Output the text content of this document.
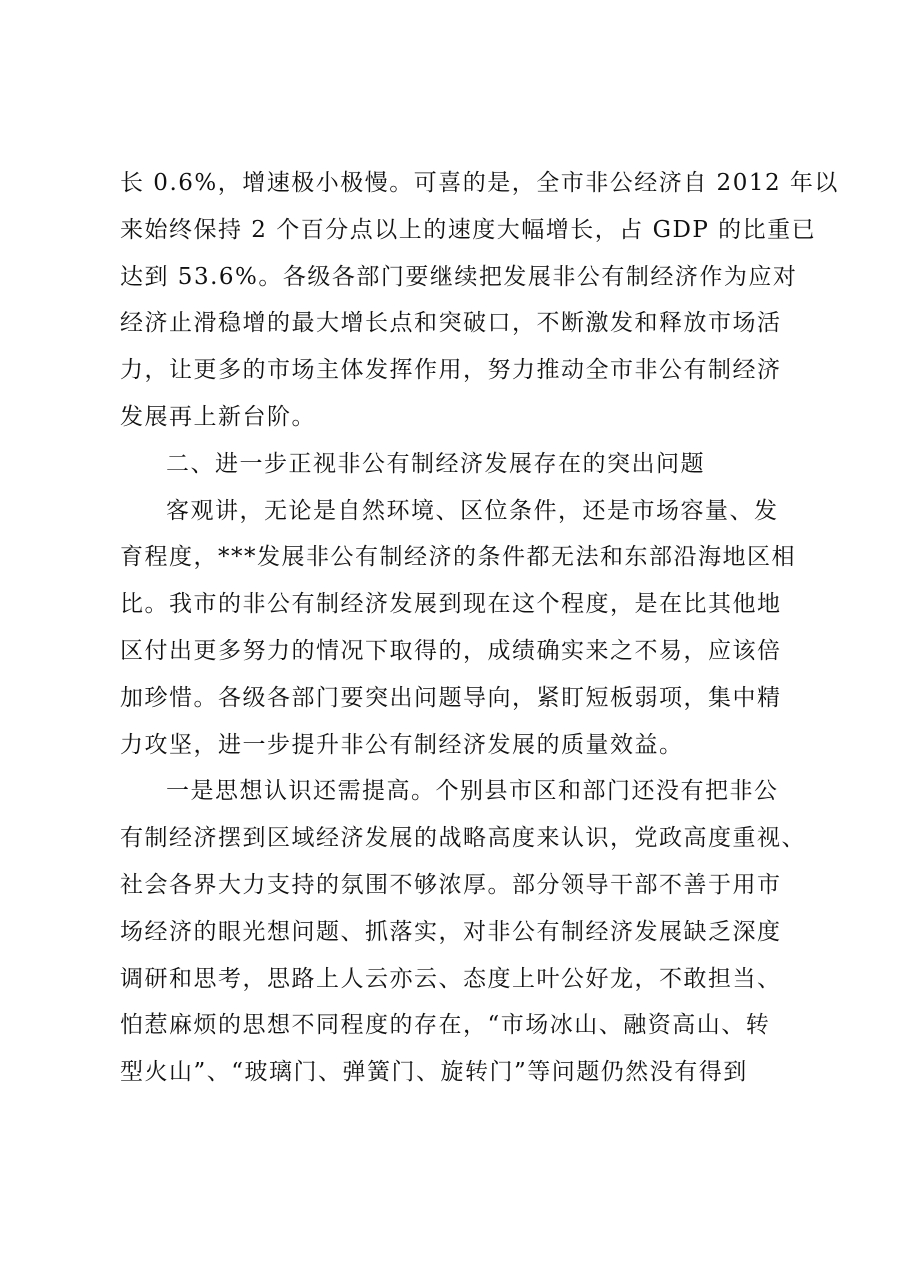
长 0.6%，增速极小极慢。可喜的是，全市非公经济自 2012 年以
来始终保持 2 个百分点以上的速度大幅增长，占 GDP 的比重已
达到 53.6%。各级各部门要继续把发展非公有制经济作为应对
经济止滑稳增的最大增长点和突破口，不断激发和释放市场活
力，让更多的市场主体发挥作用，努力推动全市非公有制经济
发展再上新台阶。
二、进一步正视非公有制经济发展存在的突出问题
客观讲，无论是自然环境、区位条件，还是市场容量、发
育程度，***发展非公有制经济的条件都无法和东部沿海地区相
比。我市的非公有制经济发展到现在这个程度，是在比其他地
区付出更多努力的情况下取得的，成绩确实来之不易，应该倍
加珍惜。各级各部门要突出问题导向，紧盯短板弱项，集中精
力攻坚，进一步提升非公有制经济发展的质量效益。
一是思想认识还需提高。个别县市区和部门还没有把非公
有制经济摆到区域经济发展的战略高度来认识，党政高度重视、
社会各界大力支持的氛围不够浓厚。部分领导干部不善于用市
场经济的眼光想问题、抓落实，对非公有制经济发展缺乏深度
调研和思考，思路上人云亦云、态度上叶公好龙，不敢担当、
怕惹麻烦的思想不同程度的存在，“市场冰山、融资高山、转
型火山”、“玻璃门、弹簧门、旋转门”等问题仍然没有得到
